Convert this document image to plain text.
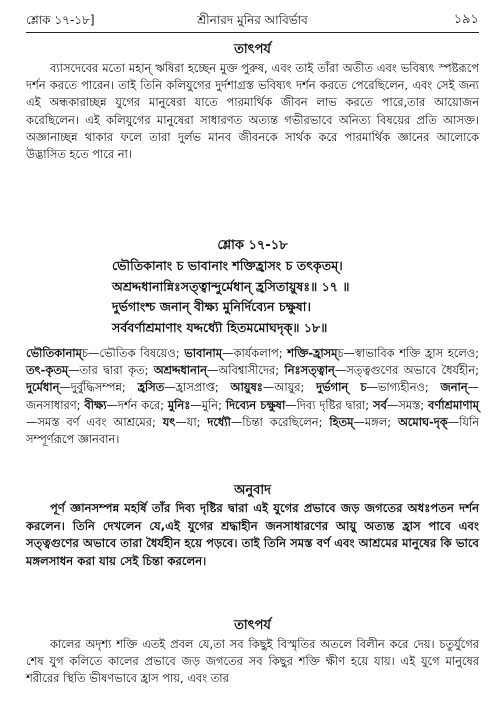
শ্লোক ১৭-১৮]	শ্রীনারদ মুনির আবির্ভাব	১৯১
তাৎপর্য
ব্যাসদেবের মতো মহান্‌ ঋষিরা হচ্ছেন মুক্ত পুরুষ, এবং তাই তাঁরা অতীত এবং ভবিষ্যৎ স্পষ্টরূপে দর্শন করতে পারেন। তাই তিনি কলিযুগের দুর্দশাগ্রস্ত ভবিষ্যৎ দর্শন করতে পেরেছিলেন, এবং সেই জন্য এই অন্ধকারাচ্ছন্ন যুগের মানুষেরা যাতে পারমার্থিক জীবন লাভ করতে পারে,তার আয়োজন করেছিলেন। এই কলিযুগের মানুষেরা সাধারণত অত্যন্ত গভীরভাবে অনিত্য বিষয়ের প্রতি আসক্ত। অজ্ঞানাচ্ছন্ন থাকার ফলে তারা দুর্লভ মানব জীবনকে সার্থক করে পারমার্থিক জ্ঞানের আলোকে উদ্ভাসিত হতে পারে না।
শ্লোক ১৭-১৮
ভৌতিকানাং চ ভাবানাং শক্তিহ্রাসং চ তৎকৃতম্‌।
অশ্রদ্দধানান্নিঃসত্ত্বান্দুর্মেধান্‌ হ্রসিতায়ুষঃ॥ ১৭ ॥
দুর্ভগাংশ্চ জনান্‌ বীক্ষ্য মুনির্দিব্যেন চক্ষুষা।
সর্ববর্ণাশ্রমাণাং যদ্দধ্যৌ হিতমমোঘদৃক্‌॥ ১৮॥
ভৌতিকানাম্‌চ—ভৌতিক বিষয়েও; ভাবানাম্‌—কার্যকলাপ; শক্তি-হ্রাসম্‌চ—স্বাভাবিক শক্তি হ্রাস হলেও; তৎ-কৃতম্‌—তার দ্বারা কৃত; অশ্রদ্দধানান্‌—অবিশ্বাসীদের; নিঃসত্ত্বান্‌—সত্ত্বগুণের অভাবে ধৈর্যহীন; দুর্মেধান্‌—দুর্বুদ্ধিসম্পন্ন; হ্রসিত—হ্রাসপ্রাপ্ত; আয়ুষঃ—আয়ুর; দুর্ভগান্‌ চ—ভাগ্যহীনও; জনান্‌—জনসাধারণ; বীক্ষ্য—দর্শন করে; মুনিঃ—মুনি; দিব্যেন চক্ষুষা—দিব্য দৃষ্টির দ্বারা; সর্ব—সমস্ত; বর্ণাশ্রমাণাম্‌—সমস্ত বর্ণ এবং আশ্রমের; যৎ—যা; দধ্যৌ—চিন্তা করেছিলেন; হিতম্‌—মঙ্গল; অমোঘ-দৃক্‌—যিনি সম্পূর্ণরূপে জ্ঞানবান।
অনুবাদ
পূর্ণ জ্ঞানসম্পন্ন মহর্ষি তাঁর দিব্য দৃষ্টির দ্বারা এই যুগের প্রভাবে জড় জগতের অধঃপতন দর্শন করলেন। তিনি দেখলেন যে,এই যুগের শ্রদ্ধাহীন জনসাধারণের আয়ু অত্যন্ত হ্রাস পাবে এবং সত্ত্বগুণের অভাবে তারা ধৈর্যহীন হয়ে পড়বে। তাই তিনি সমস্ত বর্ণ এবং আশ্রমের মানুষের কি ভাবে মঙ্গলসাধন করা যায় সেই চিন্তা করলেন।
তাৎপর্য
কালের অদৃশ্য শক্তি এতই প্রবল যে,তা সব কিছুই বিস্মৃতির অতলে বিলীন করে দেয়। চতুর্যুগের শেষ যুগ কলিতে কালের প্রভাবে জড় জগতের সব কিছুর শক্তি ক্ষীণ হয়ে যায়। এই যুগে মানুষের শরীরের স্থিতি ভীষণভাবে হ্রাস পায়, এবং তার
